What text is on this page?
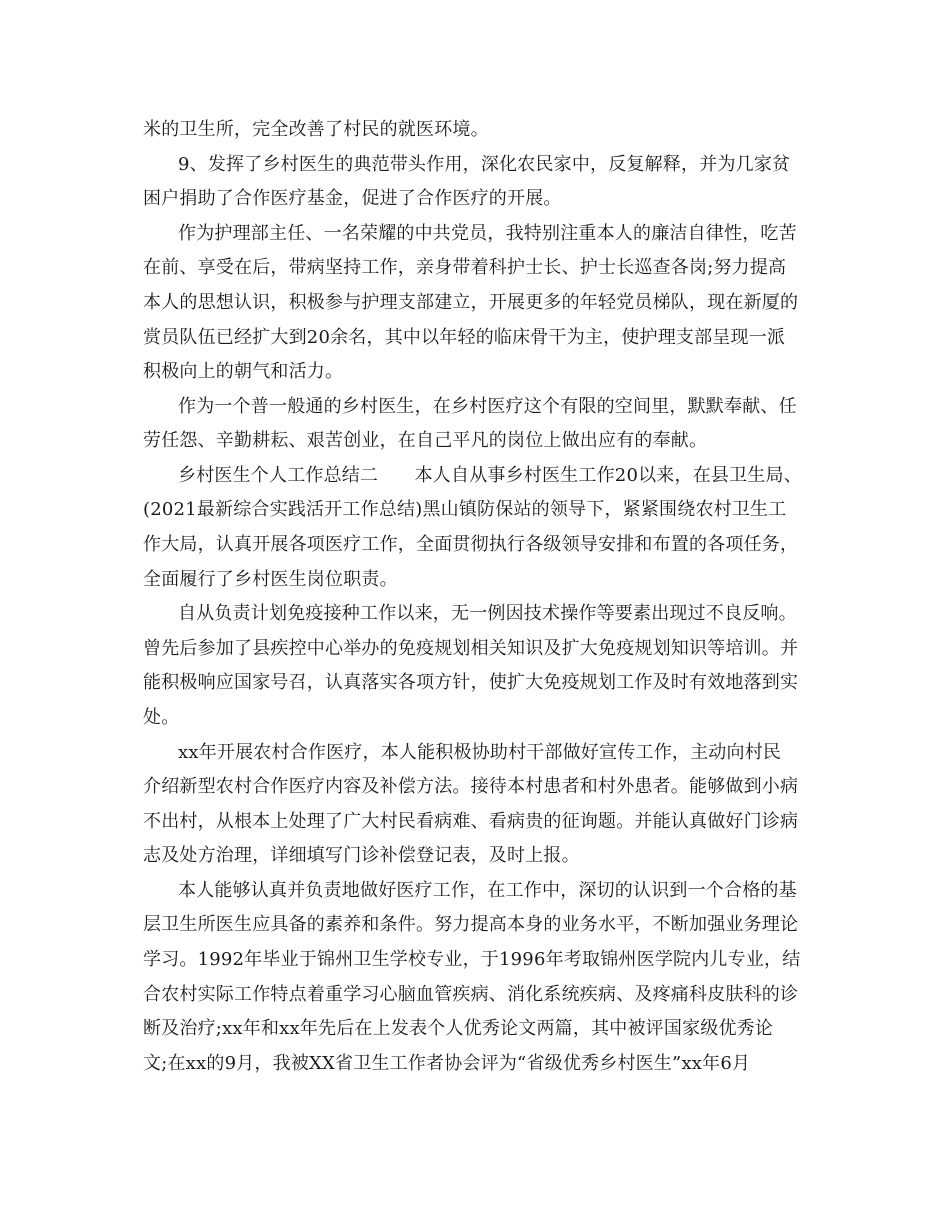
米的卫生所，完全改善了村民的就医环境。

9、发挥了乡村医生的典范带头作用，深化农民家中，反复解释，并为几家贫

困户捐助了合作医疗基金，促进了合作医疗的开展。

作为护理部主任、一名荣耀的中共党员，我特别注重本人的廉洁自律性，吃苦

在前、享受在后，带病坚持工作，亲身带着科护士长、护士长巡查各岗;努力提高

本人的思想认识，积极参与护理支部建立，开展更多的年轻党员梯队，现在新厦的

赏员队伍已经扩大到20余名，其中以年轻的临床骨干为主，使护理支部呈现一派

积极向上的朝气和活力。

作为一个普一般通的乡村医生，在乡村医疗这个有限的空间里，默默奉献、任

劳任怨、辛勤耕耘、艰苦创业，在自己平凡的岗位上做出应有的奉献。

乡村医生个人工作总结二　　本人自从事乡村医生工作20以来，在县卫生局、

(2021最新综合实践活开工作总结)黑山镇防保站的领导下，紧紧围绕农村卫生工

作大局，认真开展各项医疗工作，全面贯彻执行各级领导安排和布置的各项任务，

全面履行了乡村医生岗位职责。

自从负责计划免疫接种工作以来，无一例因技术操作等要素出现过不良反响。

曾先后参加了县疾控中心举办的免疫规划相关知识及扩大免疫规划知识等培训。并

能积极响应国家号召，认真落实各项方针，使扩大免疫规划工作及时有效地落到实

处。

xx年开展农村合作医疗，本人能积极协助村干部做好宣传工作，主动向村民

介绍新型农村合作医疗内容及补偿方法。接待本村患者和村外患者。能够做到小病

不出村，从根本上处理了广大村民看病难、看病贵的征询题。并能认真做好门诊病

志及处方治理，详细填写门诊补偿登记表，及时上报。

本人能够认真并负责地做好医疗工作，在工作中，深切的认识到一个合格的基

层卫生所医生应具备的素养和条件。努力提高本身的业务水平，不断加强业务理论

学习。1992年毕业于锦州卫生学校专业，于1996年考取锦州医学院内儿专业，结

合农村实际工作特点着重学习心脑血管疾病、消化系统疾病、及疼痛科皮肤科的诊

断及治疗;xx年和xx年先后在上发表个人优秀论文两篇，其中被评国家级优秀论

文;在xx的9月，我被XX省卫生工作者协会评为“省级优秀乡村医生”xx年6月
